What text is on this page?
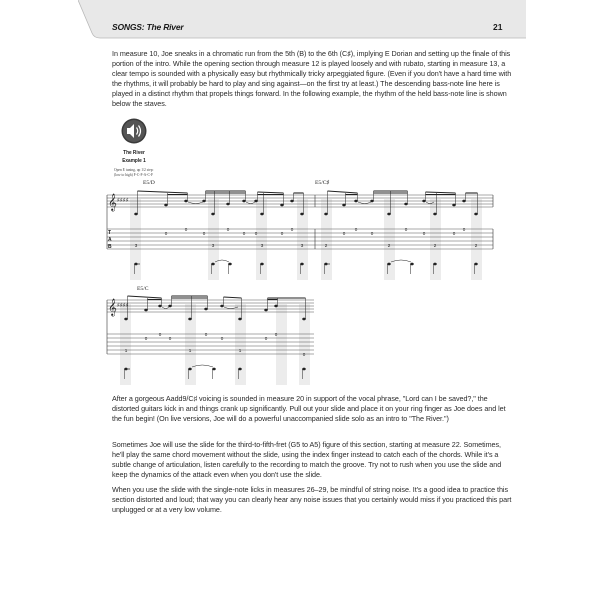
SONGS: The River	21

In measure 10, Joe sneaks in a chromatic run from the 5th (B) to the 6th (C♯), implying E Dorian and setting up the finale of this portion of the intro. While the opening section through measure 12 is played loosely and with rubato, starting in measure 13, a clear tempo is sounded with a physically easy but rhythmically tricky arpeggiated figure. (Even if you don't have a hard time with the rhythms, it will probably be hard to play and sing against—on the first try at least.) The descending bass-note line here is played in a distinct rhythm that propels things forward. In the following example, the rhythm of the held bass-note line is shown below the staves.

The River
Example 1
Open E tuning, up 1/2 step:
(low to high) F-C-F-A-C-F
E5/D	E5/C♯
𝄞 ♯♯♯♯
T
A
B	3
0
0
0
3
0
0 0
3
0
0
3	2
0
0
0
2
0
0
2
0
0
2
E5/C
𝄞 ♯♯♯♯
1
0
0
0
1
0
0
1
0
0
0

After a gorgeous Aadd9/C♯ voicing is sounded in measure 20 in support of the vocal phrase, "Lord can I be saved?," the distorted guitars kick in and things crank up significantly. Pull out your slide and place it on your ring finger as Joe does and let the fun begin! (On live versions, Joe will do a powerful unaccompanied slide solo as an intro to "The River.")

Sometimes Joe will use the slide for the third-to-fifth-fret (G5 to A5) figure of this section, starting at measure 22. Sometimes, he'll play the same chord movement without the slide, using the index finger instead to catch each of the chords. While it's a subtle change of articulation, listen carefully to the recording to match the groove. Try not to rush when you use the slide and keep the dynamics of the attack even when you don't use the slide.

When you use the slide with the single-note licks in measures 26–29, be mindful of string noise. It's a good idea to practice this section distorted and loud; that way you can clearly hear any noise issues that you certainly would miss if you practiced this part unplugged or at a very low volume.
